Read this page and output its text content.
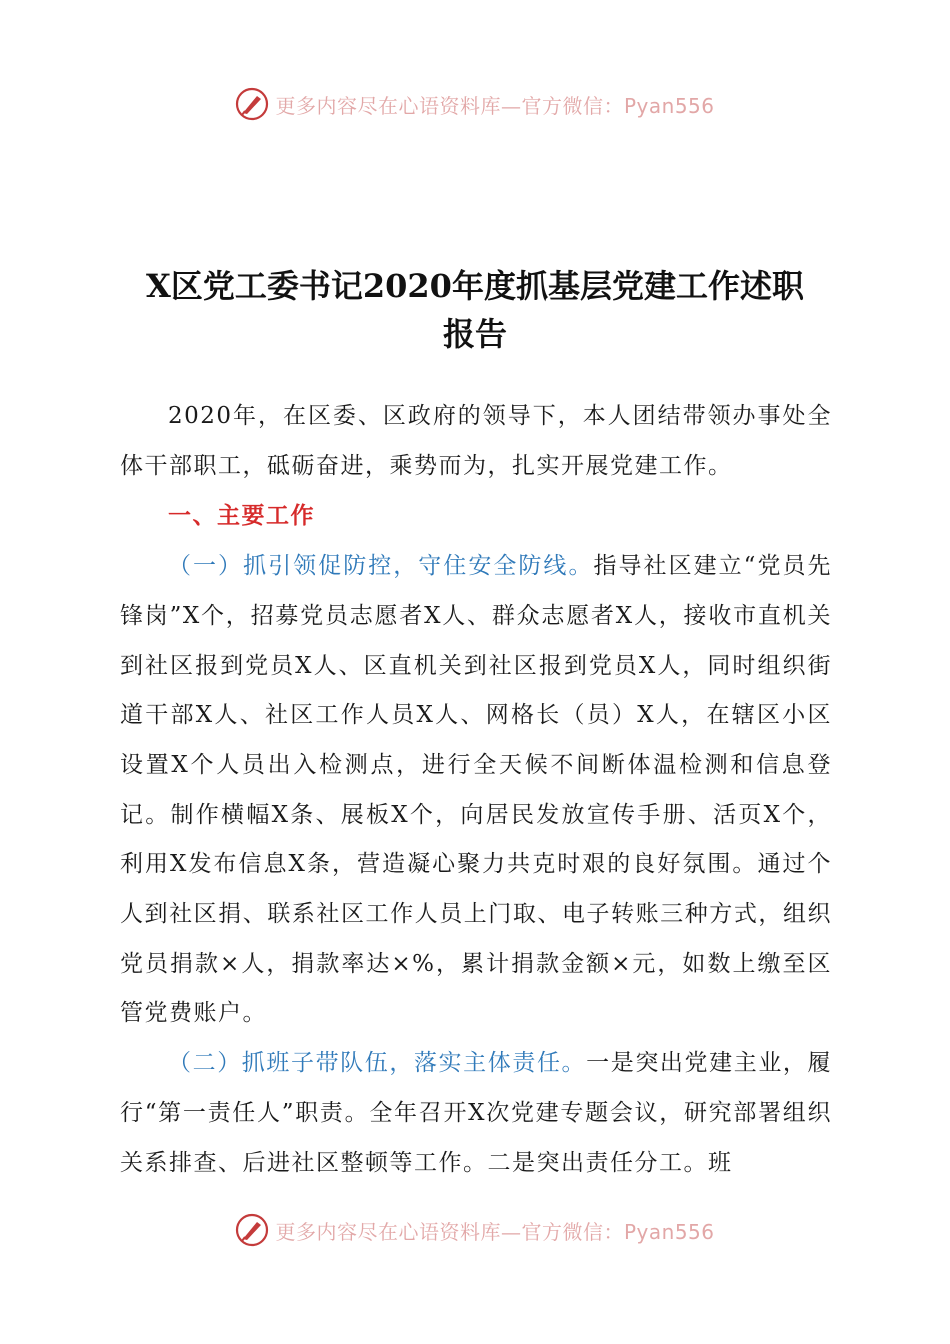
更多内容尽在心语资料库—官方微信：Pyan556
X区党工委书记2020年度抓基层党建工作述职
报告

2020年，在区委、区政府的领导下，本人团结带领办事处全体干部职工，砥砺奋进，乘势而为，扎实开展党建工作。

一、主要工作

（一）抓引领促防控，守住安全防线。指导社区建立“党员先锋岗”X个，招募党员志愿者X人、群众志愿者X人，接收市直机关到社区报到党员X人、区直机关到社区报到党员X人，同时组织街道干部X人、社区工作人员X人、网格长（员）X人，在辖区小区设置X个人员出入检测点，进行全天候不间断体温检测和信息登记。制作横幅X条、展板X个，向居民发放宣传手册、活页X个，利用X发布信息X条，营造凝心聚力共克时艰的良好氛围。通过个人到社区捐、联系社区工作人员上门取、电子转账三种方式，组织党员捐款×人，捐款率达×%，累计捐款金额×元，如数上缴至区管党费账户。

（二）抓班子带队伍，落实主体责任。一是突出党建主业，履行“第一责任人”职责。全年召开X次党建专题会议，研究部署组织关系排查、后进社区整顿等工作。二是突出责任分工。班

更多内容尽在心语资料库—官方微信：Pyan556
